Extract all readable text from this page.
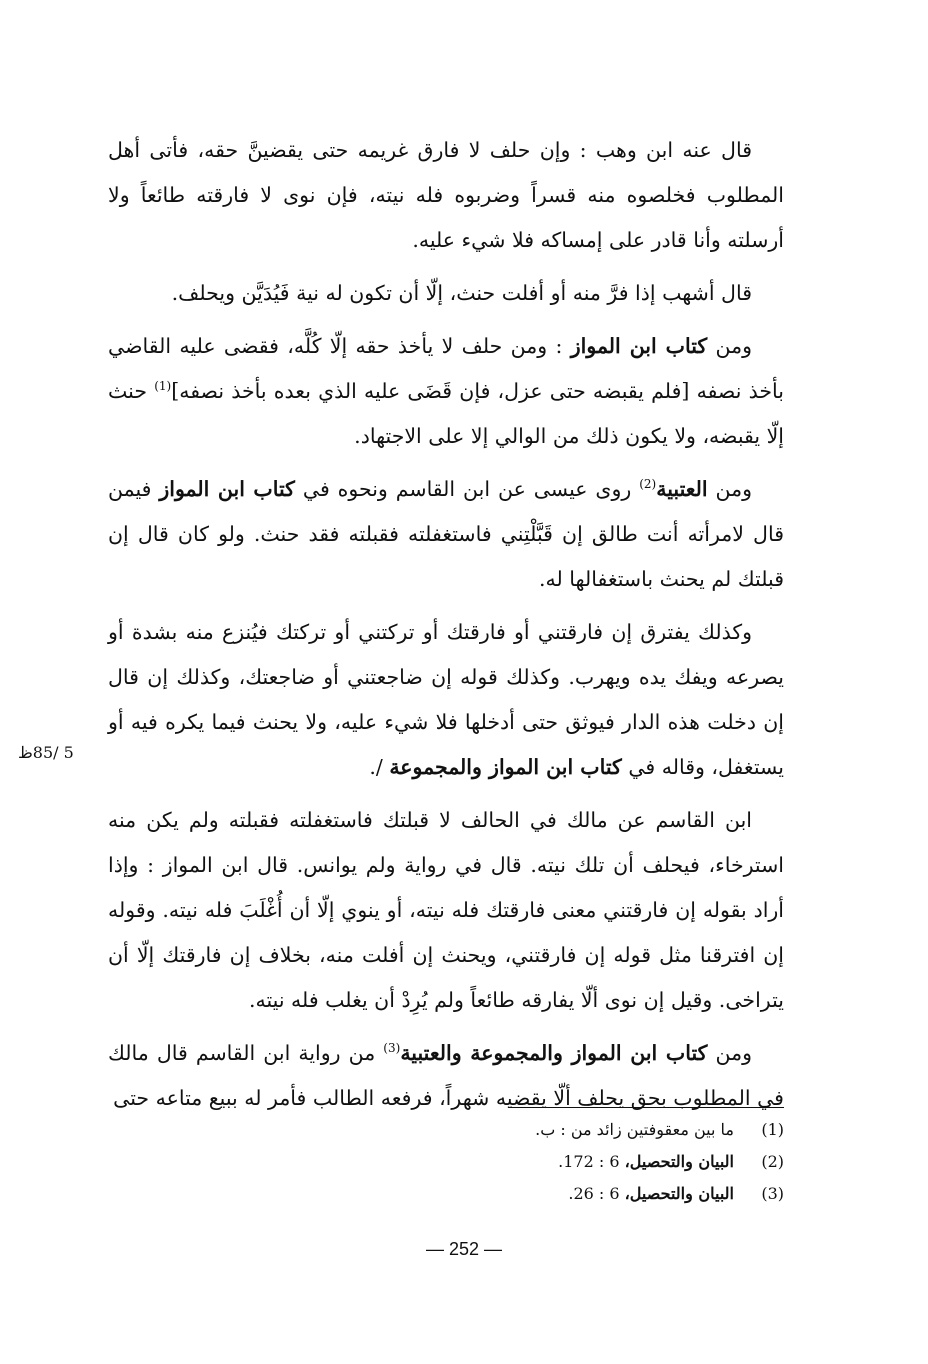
قال عنه ابن وهب : وإن حلف لا فارق غريمه حتى يقضينَّ حقه، فأتى أهل المطلوب فخلصوه منه قسراً وضربوه فله نيته، فإن نوى لا فارقته طائعاً ولا أرسلته وأنا قادر على إمساكه فلا شيء عليه.

قال أشهب إذا فرَّ منه أو أفلت حنث، إلّا أن تكون له نية فَيُدَيَّن ويحلف.

ومن كتاب ابن المواز : ومن حلف لا يأخذ حقه إلّا كُلَّه، فقضى عليه القاضي بأخذ نصفه [فلم يقبضه حتى عزل، فإن قَضَى عليه الذي بعده بأخذ نصفه]$^{(1)}$ حنث إلّا يقبضه، ولا يكون ذلك من الوالي إلا على الاجتهاد.

ومن العتبية$^{(2)}$ روى عيسى عن ابن القاسم ونحوه في كتاب ابن المواز فيمن قال لامرأته أنت طالق إن قَبَّلْتِني فاستغفلته فقبلته فقد حنث. ولو كان قال إن قبلتك لم يحنث باستغفالها له.

وكذلك يفترق إن فارقتني أو فارقتك أو تركتني أو تركتك فيُنزع منه بشدة أو يصرعه ويفك يده ويهرب. وكذلك قوله إن ضاجعتني أو ضاجعتك، وكذلك إن قال إن دخلت هذه الدار فيوثق حتى أدخلها فلا شيء عليه، ولا يحنث فيما يكره فيه أو يستغفل، وقاله في كتاب ابن المواز والمجموعة /.

ابن القاسم عن مالك في الحالف لا قبلتك فاستغفلته فقبلته ولم يكن منه استرخاء، فيحلف أن تلك نيته. قال في رواية ولم يوانس. قال ابن المواز : وإذا أراد بقوله إن فارقتني معنى فارقتك فله نيته، أو ينوي إلّا أن أُغْلَبَ فله نيته. وقوله إن افترقنا مثل قوله إن فارقتني، ويحنث إن أفلت منه، بخلاف إن فارقتك إلّا أن يتراخى. وقيل إن نوى ألّا يفارقه طائعاً ولم يُرِدْ أن يغلب فله نيته.

ومن كتاب ابن المواز والمجموعة والعتبية$^{(3)}$ من رواية ابن القاسم قال مالك في المطلوب بحق يحلف ألّا يقضيه شهراً، فرفعه الطالب فأمر له ببيع متاعه حتى

5 /85ظ
(1)
ما بين معقوفتين زائد من : ب.
(2)
البيان والتحصيل، 6 : 172.
(3)
البيان والتحصيل، 6 : 26.
— 252 —
